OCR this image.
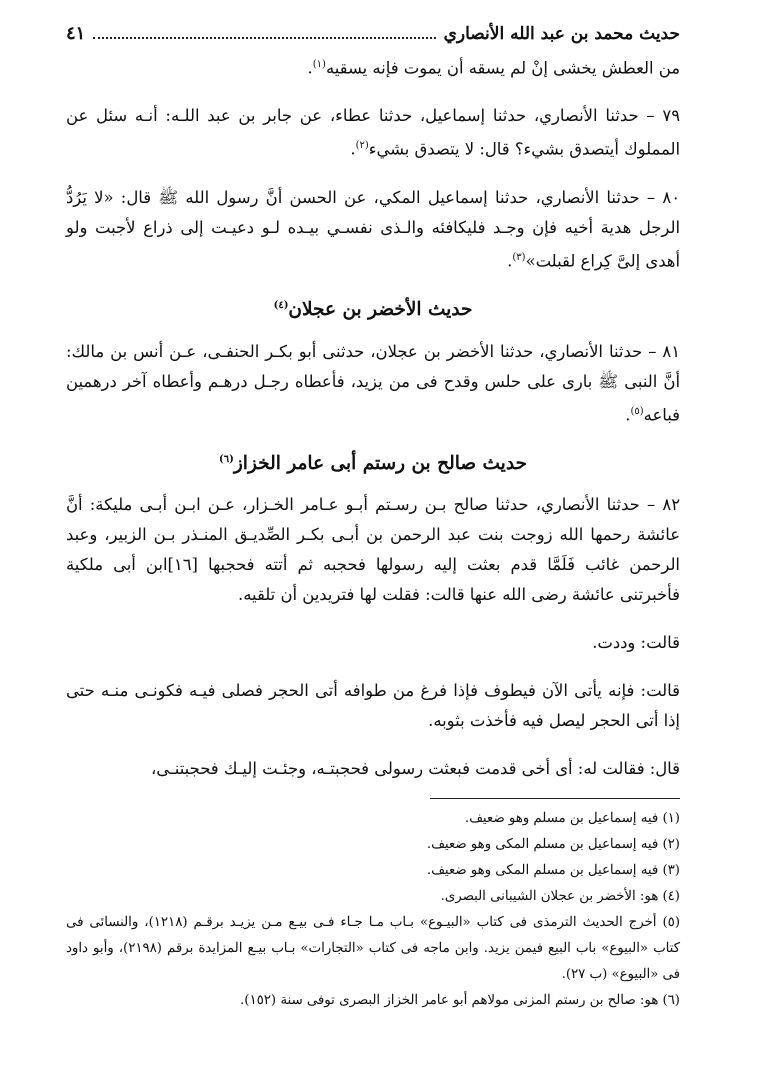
حديث محمد بن عبد الله الأنصاري
٤١

من العطش يخشى إنْ لم يسقه أن يموت فإنه يسقيه$^{(١)}$.

٧٩ – حدثنا الأنصاري، حدثنا إسماعيل، حدثنا عطاء، عن جابر بن عبد اللـه: أنـه سئل عن المملوك أيتصدق بشيء؟ قال: لا يتصدق بشيء$^{(٢)}$.

٨٠ – حدثنا الأنصاري، حدثنا إسماعيل المكي، عن الحسن أنَّ رسول الله ﷺ قال: «لا يَرُدُّ الرجل هدية أخيه فإن وجـد فليكافئه والـذى نفسـي بيـده لـو دعيـت إلى ذراع لأجبت ولو أهدى إلىَّ كِراع لقبلت»$^{(٣)}$.

حديث الأخضر بن عجلان$^{(٤)}$

٨١ – حدثنا الأنصاري، حدثنا الأخضر بن عجلان، حدثنى أبو بكـر الحنفـى، عـن أنس بن مالك: أنَّ النبى ﷺ بارى على حلس وقدح فى من يزيد، فأعطاه رجـل درهـم وأعطاه آخر درهمين فباعه$^{(٥)}$.

حديث صالح بن رستم أبى عامر الخزاز$^{(٦)}$

٨٢ – حدثنا الأنصاري، حدثنا صالح بـن رسـتم أبـو عـامر الخـزار، عـن ابـن أبـى مليكة: أنَّ عائشة رحمها الله زوجت بنت عبد الرحمن بن أبـى بكـر الصِّديـق المنـذر بـن الزبير، وعبد الرحمن غائب فَلَمَّا قدم بعثت إليه رسولها فحجبه ثم أتته فحجبها [١٦]ابن أبى ملكية فأخبرتنى عائشة رضى الله عنها قالت: فقلت لها فتريدين أن تلقيه.

قالت: وددت.

قالت: فإنه يأتى الآن فيطوف فإذا فرغ من طوافه أتى الحجر فصلى فيـه فكونـى منـه حتى إذا أتى الحجر ليصل فيه فأخذت بثوبه.

قال: فقالت له: أى أخى قدمت فبعثت رسولى فحجبتـه، وجئـت إليـك فحجبتنـى،

(١) فيه إسماعيل بن مسلم وهو ضعيف.

(٢) فيه إسماعيل بن مسلم المكى وهو ضعيف.

(٣) فيه إسماعيل بن مسلم المكى وهو ضعيف.

(٤) هو: الأخضر بن عجلان الشيبانى البصرى.

(٥) أخرج الحديث الترمذى فى كتاب «البيـوع» بـاب مـا جـاء فـى بيـع مـن يزيـد برقـم (١٢١٨)، والنسائى فى كتاب «البيوع» باب البيع فيمن يزيد. وابن ماجه فى كتاب «التجارات» بـاب بيـع المزايدة برقم (٢١٩٨)، وأبو داود فى «البيوع» (ب ٢٧).

(٦) هو: صالح بن رستم المزنى مولاهم أبو عامر الخزاز البصرى توفى سنة (١٥٢).
